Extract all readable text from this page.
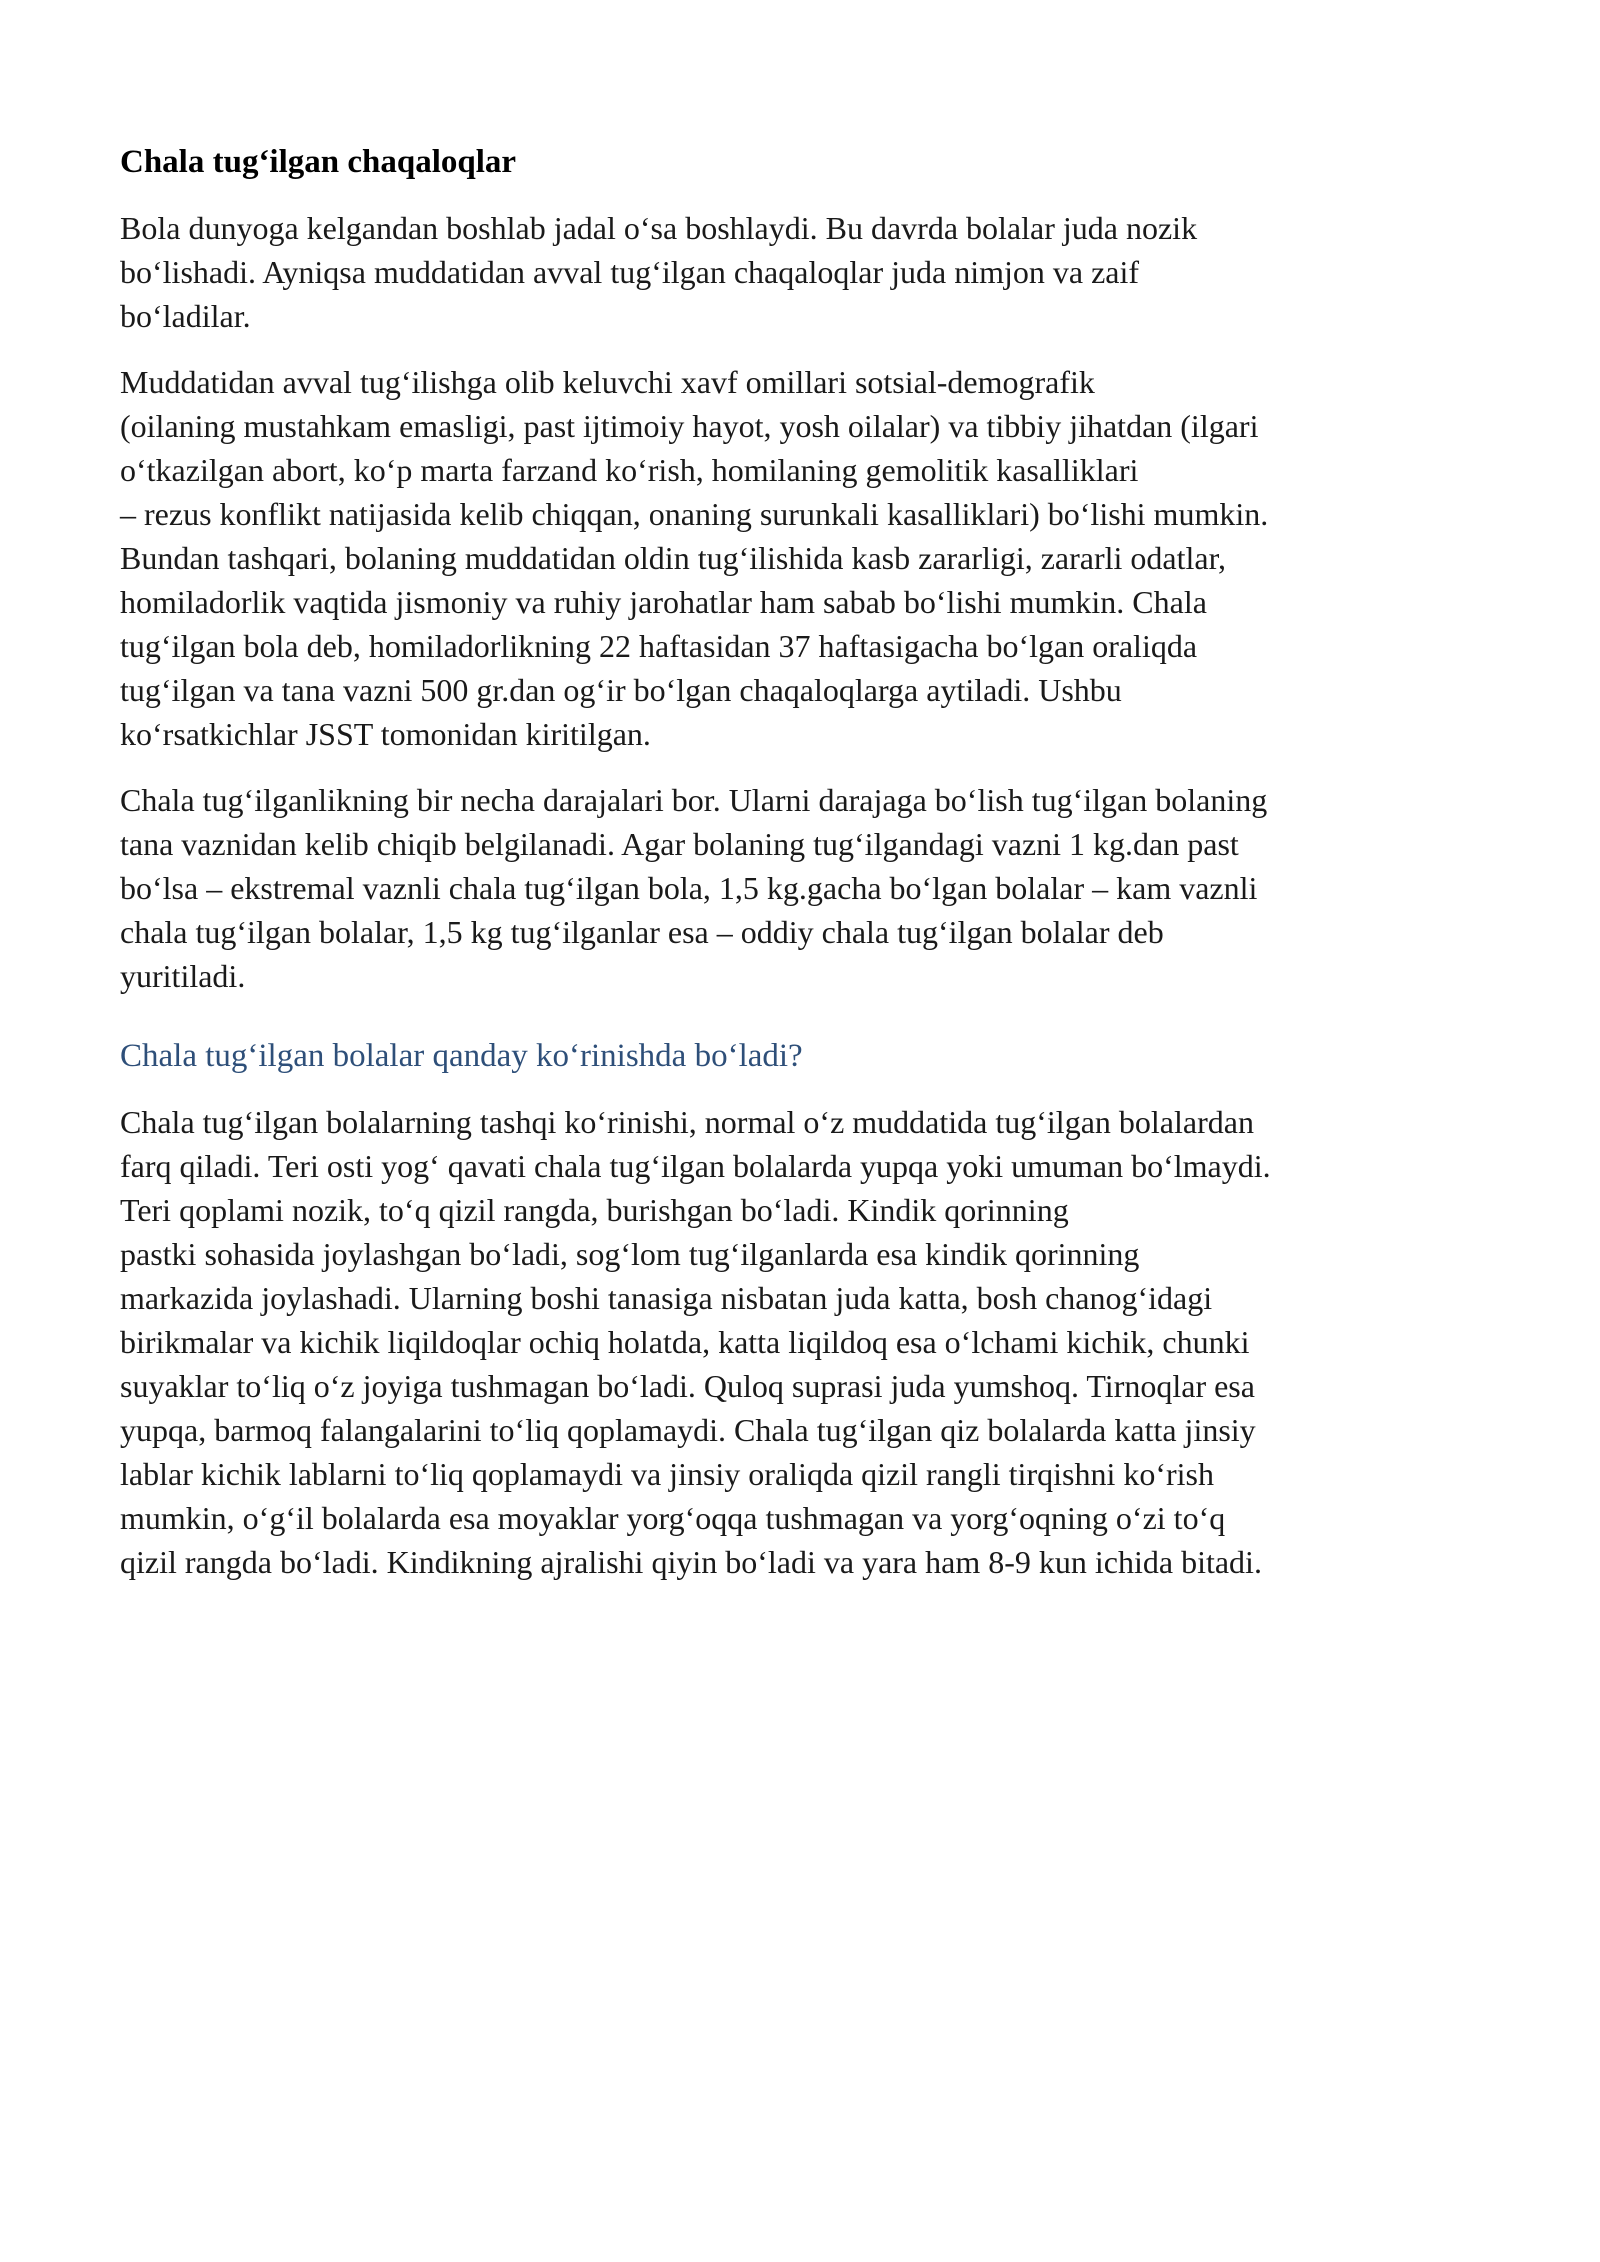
Chala tug‘ilgan chaqaloqlar

Bola dunyoga kelgandan boshlab jadal o‘sa boshlaydi. Bu davrda bolalar juda nozik
bo‘lishadi. Ayniqsa muddatidan avval tug‘ilgan chaqaloqlar juda nimjon va zaif
bo‘ladilar.

Muddatidan avval tug‘ilishga olib keluvchi xavf omillari sotsial-demografik
(oilaning mustahkam emasligi, past ijtimoiy hayot, yosh oilalar) va tibbiy jihatdan (ilgari
o‘tkazilgan abort, ko‘p marta farzand ko‘rish, homilaning gemolitik kasalliklari
– rezus konflikt natijasida kelib chiqqan, onaning surunkali kasalliklari) bo‘lishi mumkin.
Bundan tashqari, bolaning muddatidan oldin tug‘ilishida kasb zararligi, zararli odatlar,
homiladorlik vaqtida jismoniy va ruhiy jarohatlar ham sabab bo‘lishi mumkin. Chala
tug‘ilgan bola deb, homiladorlikning 22 haftasidan 37 haftasigacha bo‘lgan oraliqda
tug‘ilgan va tana vazni 500 gr.dan og‘ir bo‘lgan chaqaloqlarga aytiladi. Ushbu
ko‘rsatkichlar JSST tomonidan kiritilgan.

Chala tug‘ilganlikning bir necha darajalari bor. Ularni darajaga bo‘lish tug‘ilgan bolaning
tana vaznidan kelib chiqib belgilanadi. Agar bolaning tug‘ilgandagi vazni 1 kg.dan past
bo‘lsa – ekstremal vaznli chala tug‘ilgan bola, 1,5 kg.gacha bo‘lgan bolalar – kam vaznli
chala tug‘ilgan bolalar, 1,5 kg tug‘ilganlar esa – oddiy chala tug‘ilgan bolalar deb
yuritiladi.

Chala tug‘ilgan bolalar qanday ko‘rinishda bo‘ladi?

Chala tug‘ilgan bolalarning tashqi ko‘rinishi, normal o‘z muddatida tug‘ilgan bolalardan
farq qiladi. Teri osti yog‘ qavati chala tug‘ilgan bolalarda yupqa yoki umuman bo‘lmaydi.
Teri qoplami nozik, to‘q qizil rangda, burishgan bo‘ladi. Kindik qorinning
pastki sohasida joylashgan bo‘ladi, sog‘lom tug‘ilganlarda esa kindik qorinning
markazida joylashadi. Ularning boshi tanasiga nisbatan juda katta, bosh chanog‘idagi
birikmalar va kichik liqildoqlar ochiq holatda, katta liqildoq esa o‘lchami kichik, chunki
suyaklar to‘liq o‘z joyiga tushmagan bo‘ladi. Quloq suprasi juda yumshoq. Tirnoqlar esa
yupqa, barmoq falangalarini to‘liq qoplamaydi. Chala tug‘ilgan qiz bolalarda katta jinsiy
lablar kichik lablarni to‘liq qoplamaydi va jinsiy oraliqda qizil rangli tirqishni ko‘rish
mumkin, o‘g‘il bolalarda esa moyaklar yorg‘oqqa tushmagan va yorg‘oqning o‘zi to‘q
qizil rangda bo‘ladi. Kindikning ajralishi qiyin bo‘ladi va yara ham 8-9 kun ichida bitadi.
